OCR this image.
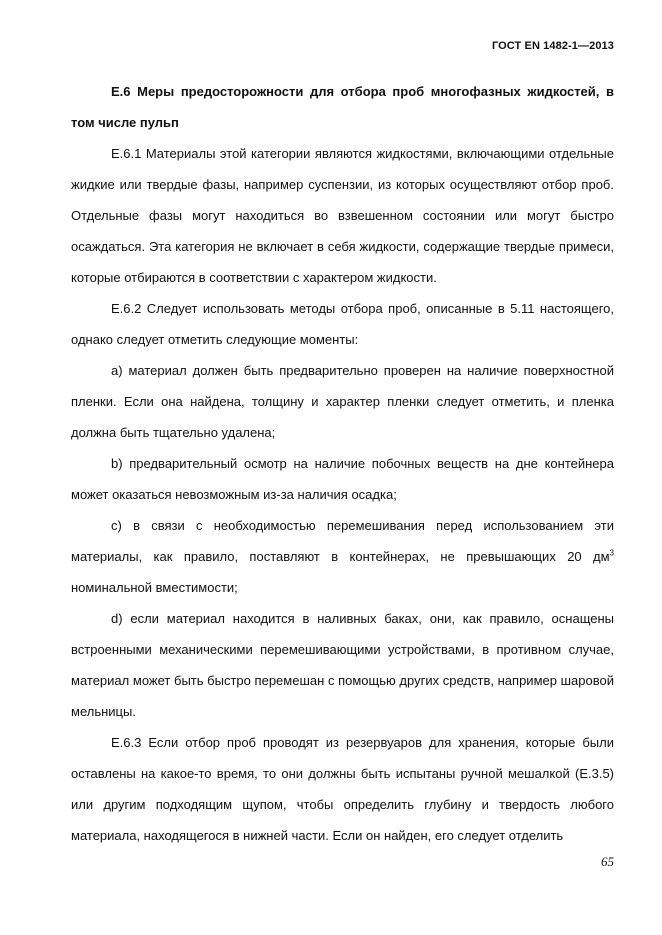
ГОСТ EN 1482-1—2013

Е.6 Меры предосторожности для отбора проб многофазных жидкостей, в том числе пульп

Е.6.1 Материалы этой категории являются жидкостями, включающими отдельные жидкие или твердые фазы, например суспензии, из которых осуществляют отбор проб. Отдельные фазы могут находиться во взвешенном состоянии или могут быстро осаждаться. Эта категория не включает в себя жидкости, содержащие твердые примеси, которые отбираются в соответствии с характером жидкости.

Е.6.2 Следует использовать методы отбора проб, описанные в 5.11 настоящего, однако следует отметить следующие моменты:

a) материал должен быть предварительно проверен на наличие поверхностной пленки. Если она найдена, толщину и характер пленки следует отметить, и пленка должна быть тщательно удалена;

b) предварительный осмотр на наличие побочных веществ на дне контейнера может оказаться невозможным из-за наличия осадка;

c) в связи с необходимостью перемешивания перед использованием эти материалы, как правило, поставляют в контейнерах, не превышающих 20 $дм^3$ номинальной вместимости;

d) если материал находится в наливных баках, они, как правило, оснащены встроенными механическими перемешивающими устройствами, в противном случае, материал может быть быстро перемешан с помощью других средств, например шаровой мельницы.

Е.6.3 Если отбор проб проводят из резервуаров для хранения, которые были оставлены на какое-то время, то они должны быть испытаны ручной мешалкой (Е.3.5) или другим подходящим щупом, чтобы определить глубину и твердость любого материала, находящегося в нижней части. Если он найден, его следует отделить

65
